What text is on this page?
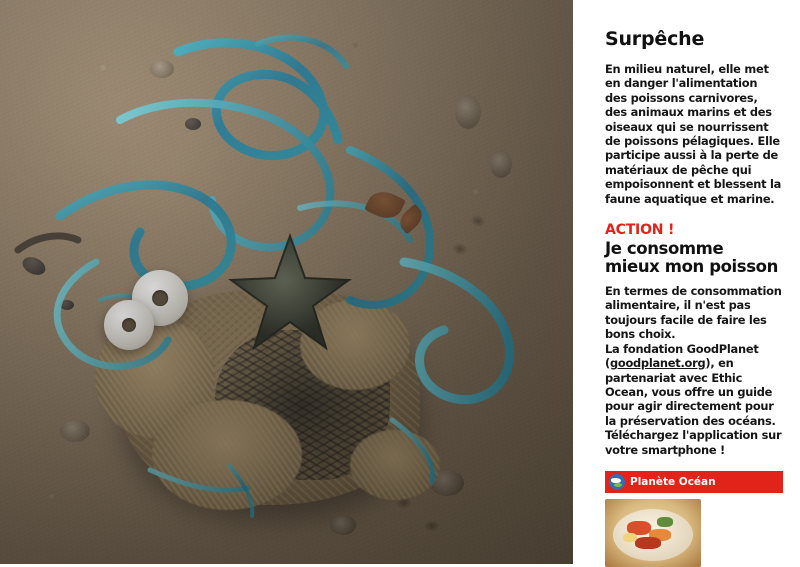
Surpêche

En milieu naturel, elle met en danger l'alimentation des poissons carnivores, des animaux marins et des oiseaux qui se nourrissent de poissons pélagiques. Elle participe aussi à la perte de matériaux de pêche qui empoisonnent et blessent la faune aquatique et marine.

ACTION !
Je consomme mieux mon poisson

En termes de consommation alimentaire, il n'est pas toujours facile de faire les bons choix.

La fondation GoodPlanet (goodplanet.org), en partenariat avec Ethic Ocean, vous offre un guide pour agir directement pour la préservation des océans. Téléchargez l'application sur votre smartphone !

Planète Océan
